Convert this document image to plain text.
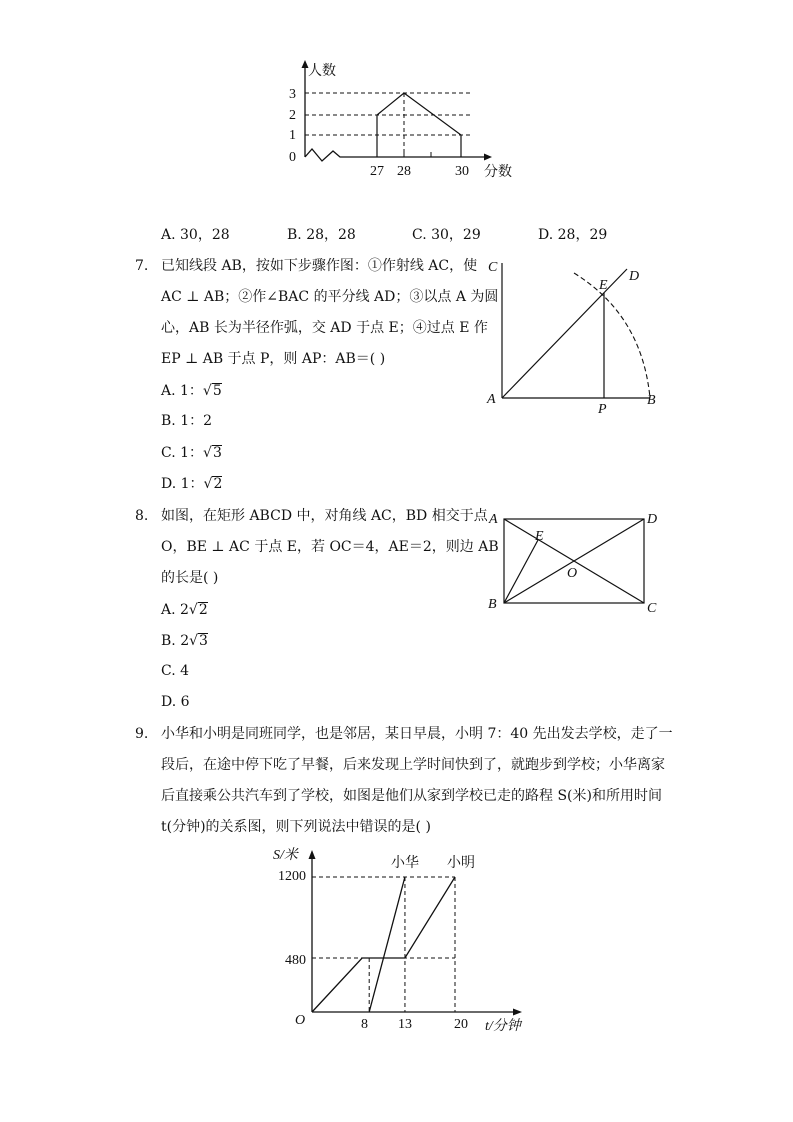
人数
3
2
1
0
27 28	30 分数
A. 30，28	B. 28，28	C. 30，29	D. 28，29
7. 已知线段 AB，按如下步骤作图：①作射线 AC，使
AC ⊥ AB；②作∠BAC 的平分线 AD；③以点 A 为圆
心，AB 长为半径作弧，交 AD 于点 E；④过点 E 作
EP ⊥ AB 于点 P，则 AP：AB＝( )
A. 1：√5
B. 1：2
C. 1：√3
D. 1：√2
C
D
E
A
P
B
8. 如图，在矩形 ABCD 中，对角线 AC，BD 相交于点
O，BE ⊥ AC 于点 E，若 OC＝4，AE＝2，则边 AB
的长是( )
A. 2√2
B. 2√3
C. 4
D. 6
A	D
E
O
B	C
9. 小华和小明是同班同学，也是邻居，某日早晨，小明 7：40 先出发去学校，走了一
段后，在途中停下吃了早餐，后来发现上学时间快到了，就跑步到学校；小华离家
后直接乘公共汽车到了学校，如图是他们从家到学校已走的路程 S(米)和所用时间
t(分钟)的关系图，则下列说法中错误的是( )
S/米
t/分钟
O
1200
480
8 13	20
小华 小明
